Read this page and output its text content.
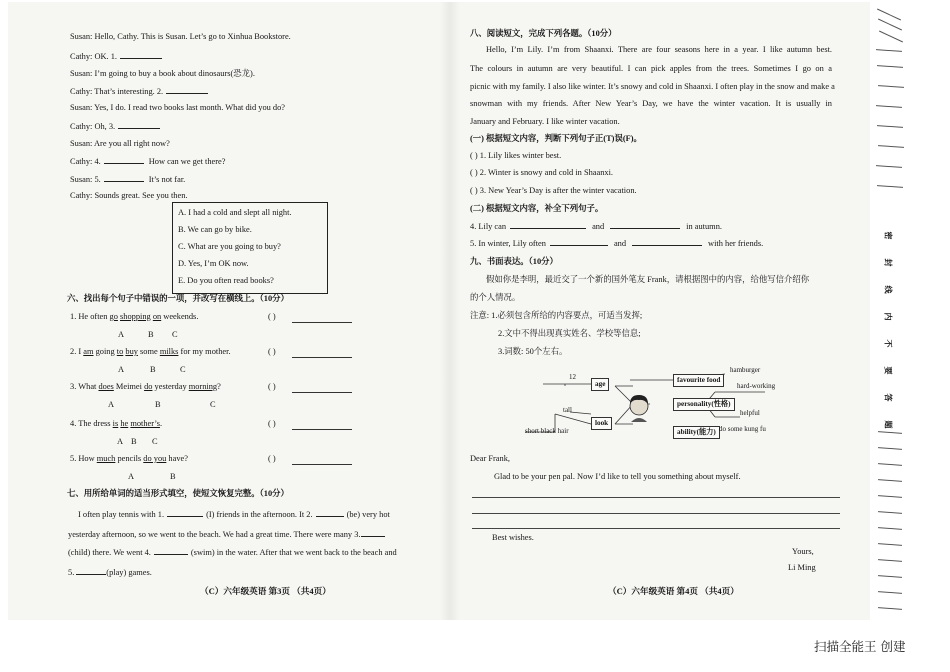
Susan: Hello, Cathy. This is Susan. Let’s go to Xinhua Bookstore.
Cathy: OK. 1.
Susan: I’m going to buy a book about dinosaurs(恐龙).
Cathy: That’s interesting. 2.
Susan: Yes, I do. I read two books last month. What did you do?
Cathy: Oh, 3.
Susan: Are you all right now?
Cathy: 4.	How can we get there?
Susan: 5.	It’s not far.
Cathy: Sounds great. See you then.
A. I had a cold and slept all night.
B. We can go by bike.
C. What are you going to buy?
D. Yes, I’m OK now.
E. Do you often read books?
六、找出每个句子中错误的一项，并改写在横线上。（10分）
1. He often go shopping on weekends.	( )
A	B C
2. I am going to buy some milks for my mother.	( )
A	B	C
3. What does Meimei do yesterday morning?	( )
A	B	C
4. The dress is he mother’s.	( )
A B C
5. How much pencils do you have?	( )
A	B
七、用所给单词的适当形式填空，使短文恢复完整。（10分）
I often play tennis with 1.	(I) friends in the afternoon. It 2.	(be) very hot
yesterday afternoon, so we went to the beach. We had a great time. There were many 3.
(child) there. We went 4.	(swim) in the water. After that we went back to the beach and
5.	(play) games.
（C）六年级英语 第3页 （共4页）
八、阅读短文，完成下列各题。（10分）
Hello, I’m Lily. I’m from Shaanxi. There are four seasons here in a year. I like autumn best.
The colours in autumn are very beautiful. I can pick apples from the trees. Sometimes I go on a
picnic with my family. I also like winter. It’s snowy and cold in Shaanxi. I often play in the snow and make a
snowman with my friends. After New Year’s Day, we have the winter vacation. It is usually in
January and February. I like winter vacation.
(一) 根据短文内容，判断下列句子正(T)误(F)。
( ) 1. Lily likes winter best.
( ) 2. Winter is snowy and cold in Shaanxi.
( ) 3. New Year’s Day is after the winter vacation.
(二) 根据短文内容，补全下列句子。
4. Lily can	and	in autumn.
5. In winter, Lily often	and	with her friends.
九、书面表达。（10分）
假如你是李明，最近交了一个新的国外笔友 Frank，请根据图中的内容，给他写信介绍你
的个人情况。
注意: 1.必须包含所给的内容要点，可适当发挥;
2.文中不得出现真实姓名、学校等信息;
3.词数: 50个左右。
age
look
12
tall
short black hair
favourite food
personality(性格)
ability(能力)
hamburger
hard-working
helpful
do some kung fu
Dear Frank,
Glad to be your pen pal. Now I’d like to tell you something about myself.
Best wishes.
Yours,
Li Ming
（C）六年级英语 第4页 （共4页）
密
封
线
内
不
要
答
题
扫描全能王 创建
